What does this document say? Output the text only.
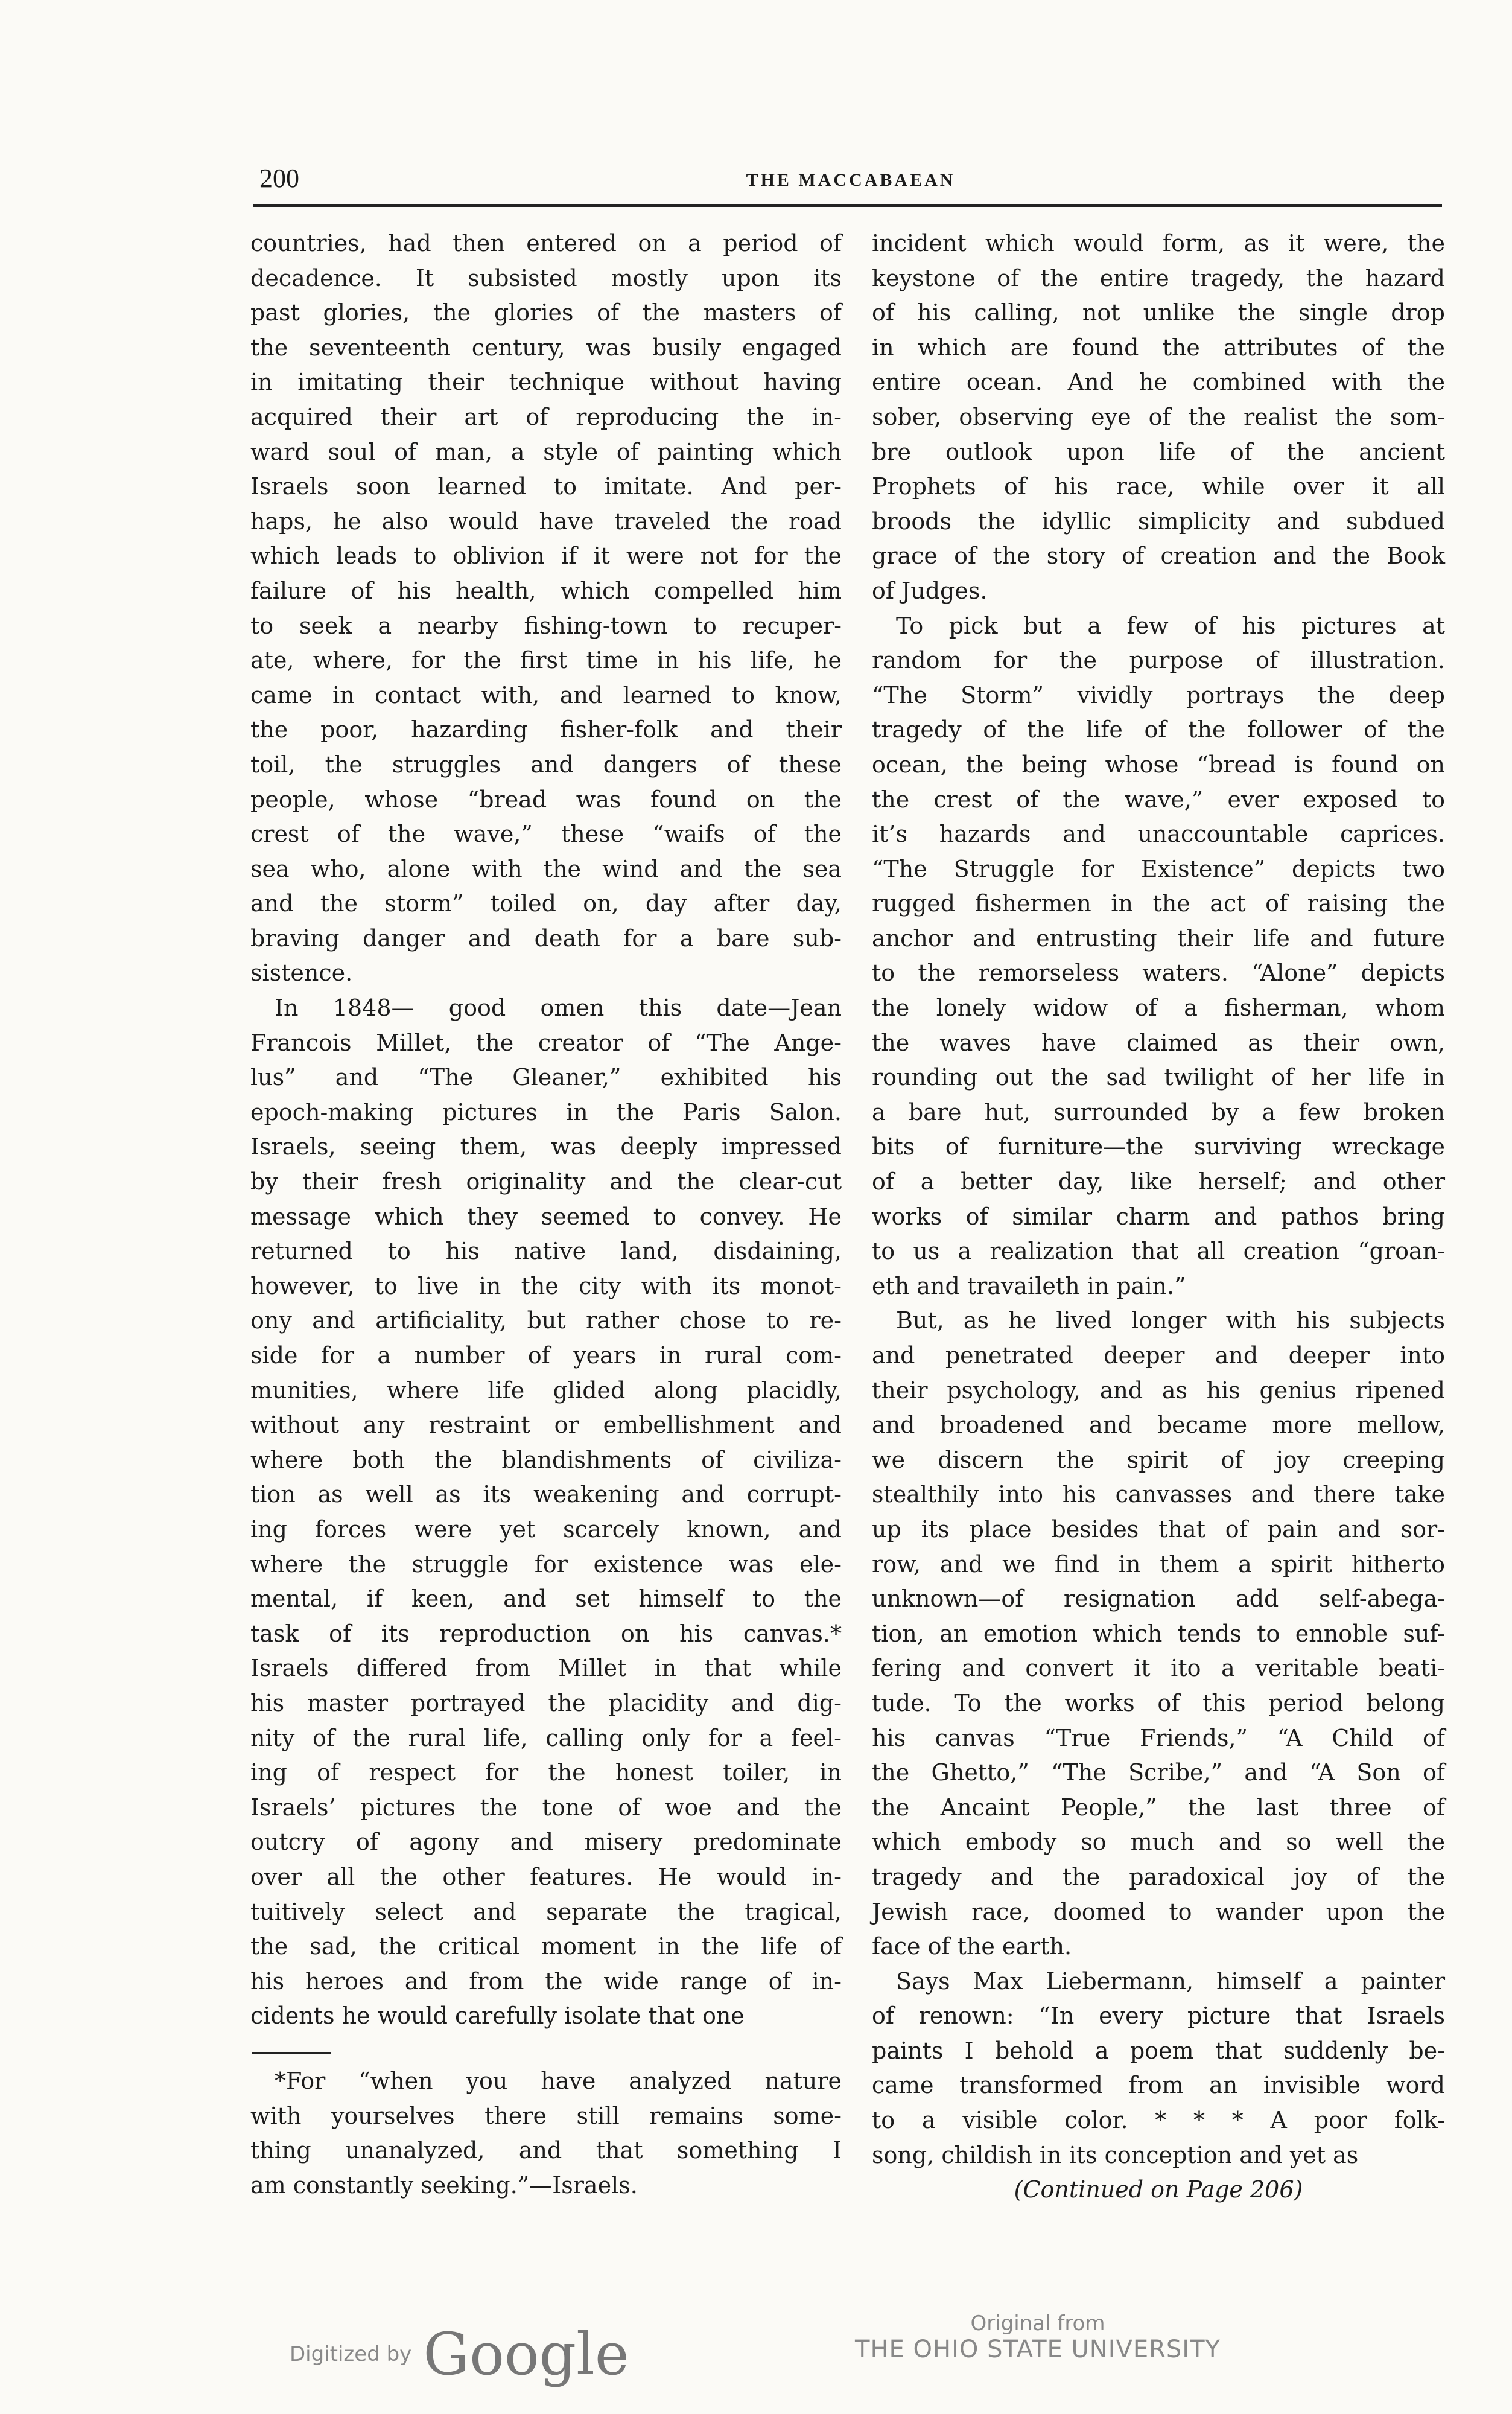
200	THE MACCABAEAN
countries, had then entered on a period of
decadence. It subsisted mostly upon its
past glories, the glories of the masters of
the seventeenth century, was busily engaged
in imitating their technique without having
acquired their art of reproducing the in-
ward soul of man, a style of painting which
Israels soon learned to imitate. And per-
haps, he also would have traveled the road
which leads to oblivion if it were not for the
failure of his health, which compelled him
to seek a nearby fishing-town to recuper-
ate, where, for the first time in his life, he
came in contact with, and learned to know,
the poor, hazarding fisher-folk and their
toil, the struggles and dangers of these
people, whose “bread was found on the
crest of the wave,” these “waifs of the
sea who, alone with the wind and the sea
and the storm” toiled on, day after day,
braving danger and death for a bare sub-
sistence.
In 1848— good omen this date—Jean
Francois Millet, the creator of “The Ange-
lus” and “The Gleaner,” exhibited his
epoch-making pictures in the Paris Salon.
Israels, seeing them, was deeply impressed
by their fresh originality and the clear-cut
message which they seemed to convey. He
returned to his native land, disdaining,
however, to live in the city with its monot-
ony and artificiality, but rather chose to re-
side for a number of years in rural com-
munities, where life glided along placidly,
without any restraint or embellishment and
where both the blandishments of civiliza-
tion as well as its weakening and corrupt-
ing forces were yet scarcely known, and
where the struggle for existence was ele-
mental, if keen, and set himself to the
task of its reproduction on his canvas.*
Israels differed from Millet in that while
his master portrayed the placidity and dig-
nity of the rural life, calling only for a feel-
ing of respect for the honest toiler, in
Israels’ pictures the tone of woe and the
outcry of agony and misery predominate
over all the other features. He would in-
tuitively select and separate the tragical,
the sad, the critical moment in the life of
his heroes and from the wide range of in-
cidents he would carefully isolate that one
incident which would form, as it were, the
keystone of the entire tragedy, the hazard
of his calling, not unlike the single drop
in which are found the attributes of the
entire ocean. And he combined with the
sober, observing eye of the realist the som-
bre outlook upon life of the ancient
Prophets of his race, while over it all
broods the idyllic simplicity and subdued
grace of the story of creation and the Book
of Judges.
To pick but a few of his pictures at
random for the purpose of illustration.
“The Storm” vividly portrays the deep
tragedy of the life of the follower of the
ocean, the being whose “bread is found on
the crest of the wave,” ever exposed to
it’s hazards and unaccountable caprices.
“The Struggle for Existence” depicts two
rugged fishermen in the act of raising the
anchor and entrusting their life and future
to the remorseless waters. “Alone” depicts
the lonely widow of a fisherman, whom
the waves have claimed as their own,
rounding out the sad twilight of her life in
a bare hut, surrounded by a few broken
bits of furniture—the surviving wreckage
of a better day, like herself; and other
works of similar charm and pathos bring
to us a realization that all creation “groan-
eth and travaileth in pain.”
But, as he lived longer with his subjects
and penetrated deeper and deeper into
their psychology, and as his genius ripened
and broadened and became more mellow,
we discern the spirit of joy creeping
stealthily into his canvasses and there take
up its place besides that of pain and sor-
row, and we find in them a spirit hitherto
unknown—of resignation add self-abega-
tion, an emotion which tends to ennoble suf-
fering and convert it ito a veritable beati-
tude. To the works of this period belong
his canvas “True Friends,” “A Child of
the Ghetto,” “The Scribe,” and “A Son of
the Ancaint People,” the last three of
which embody so much and so well the
tragedy and the paradoxical joy of the
Jewish race, doomed to wander upon the
face of the earth.
Says Max Liebermann, himself a painter
of renown: “In every picture that Israels
paints I behold a poem that suddenly be-
came transformed from an invisible word
to a visible color. * * * A poor folk-
song, childish in its conception and yet as
(Continued on Page 206)
*For “when you have analyzed nature
with yourselves there still remains some-
thing unanalyzed, and that something I
am constantly seeking.”—Israels.
Digitized by Google	Original from
THE OHIO STATE UNIVERSITY
